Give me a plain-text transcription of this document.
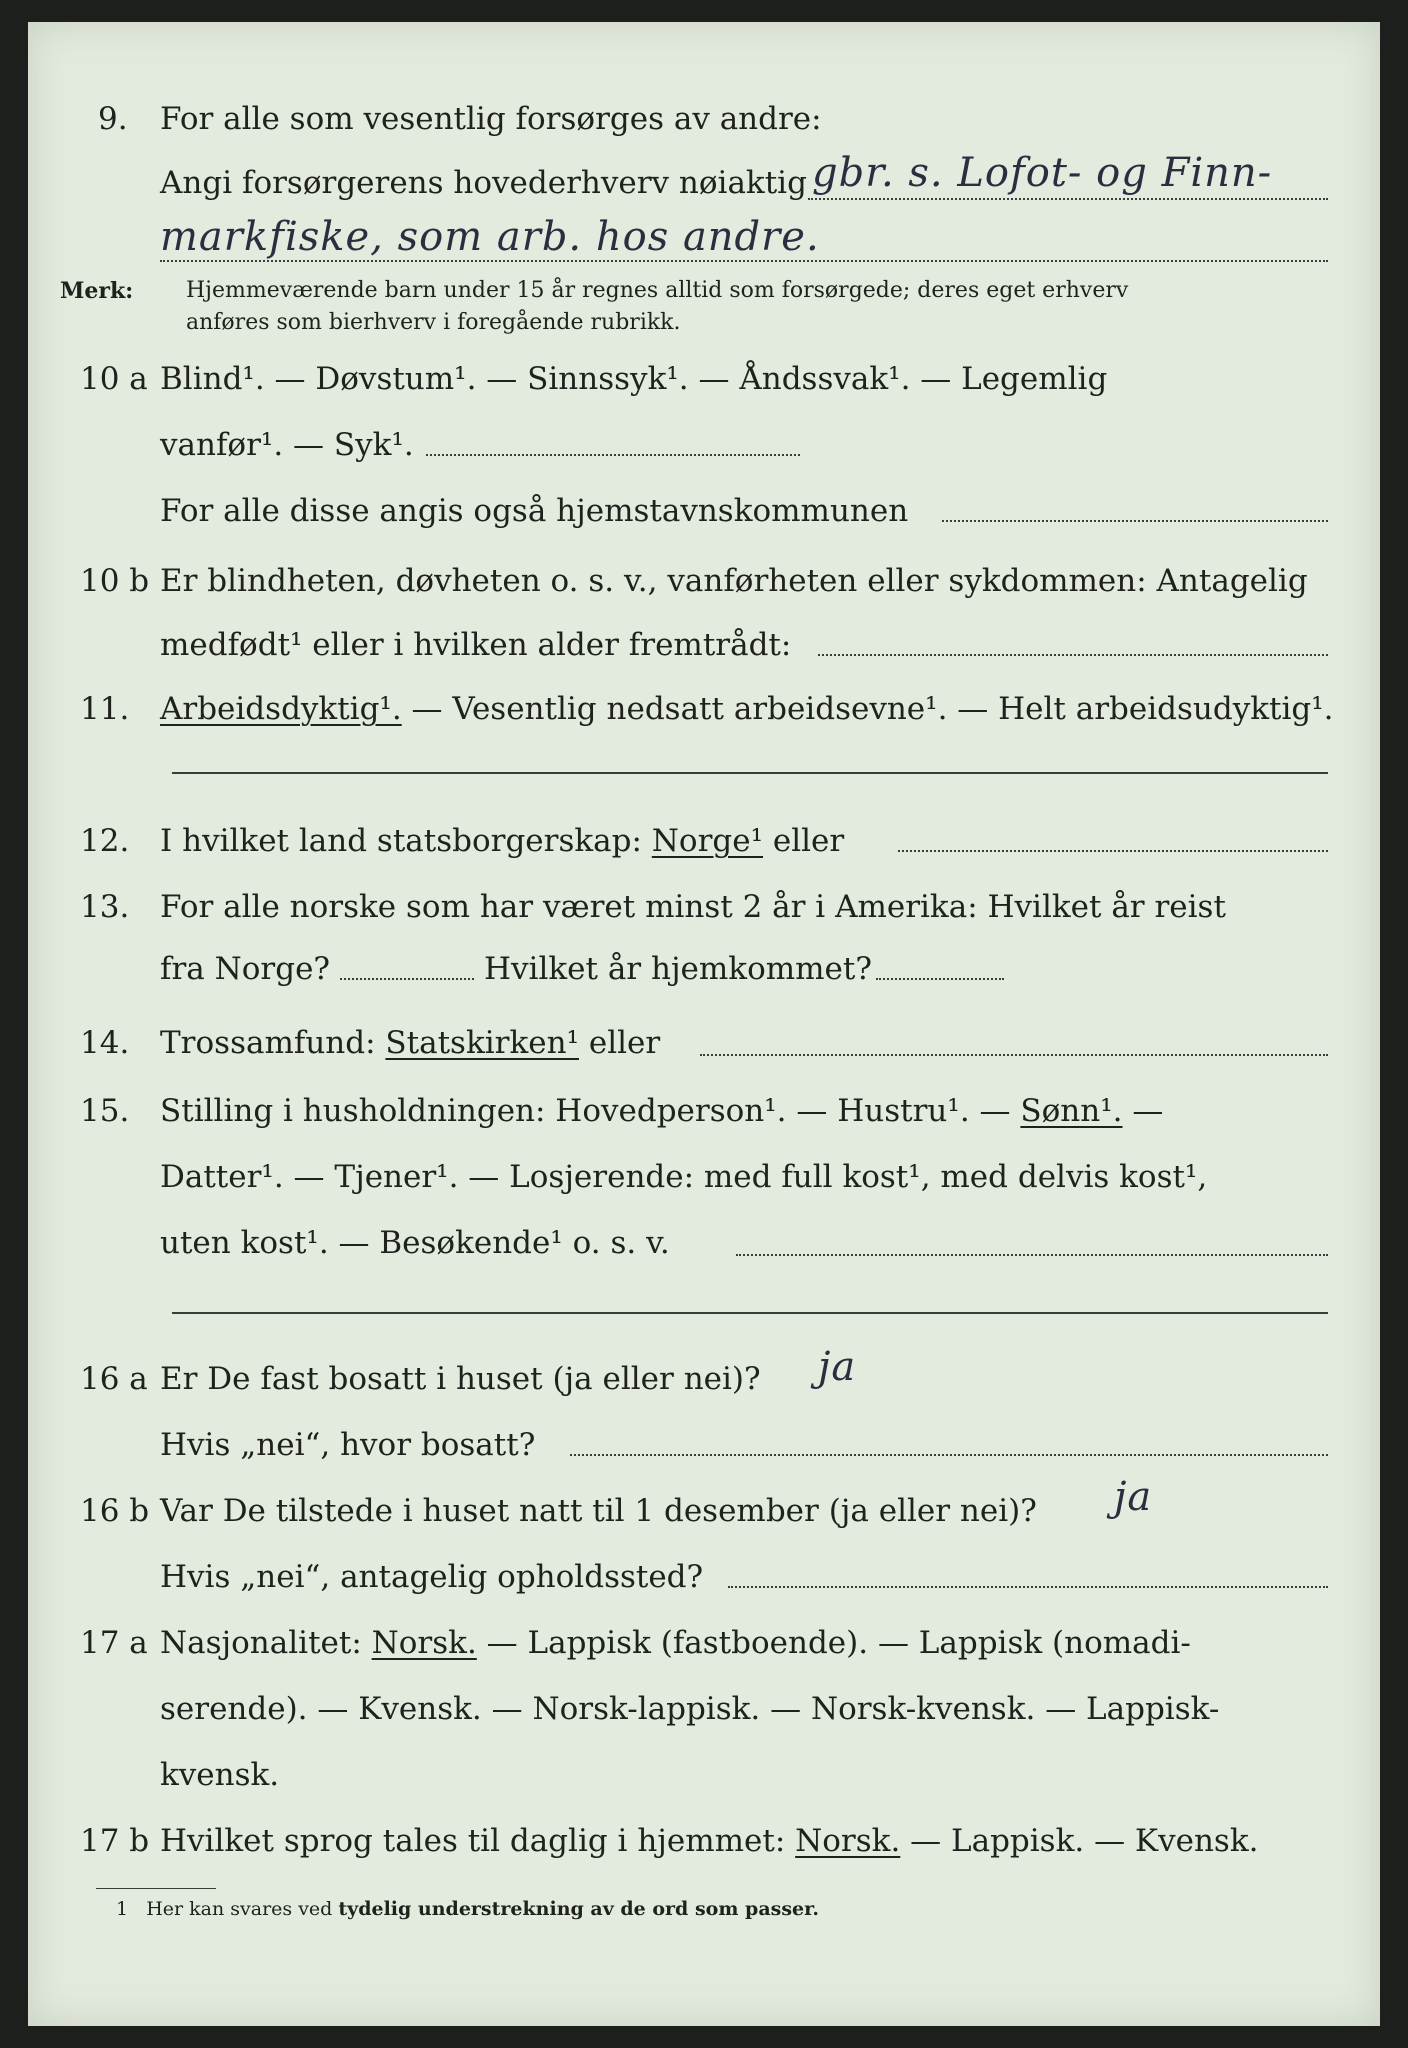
9. For alle som vesentlig forsørges av andre:
Angi forsørgerens hovederhverv nøiaktig gbr. s. Lofot- og Finn-
markfiske, som arb. hos andre.
Merk: Hjemmeværende barn under 15 år regnes alltid som forsørgede; deres eget erhverv
anføres som bierhverv i foregående rubrikk.
10 a Blind¹. — Døvstum¹. — Sinnssyk¹. — Åndssvak¹. — Legemlig
vanfør¹. — Syk¹.
For alle disse angis også hjemstavnskommunen
10 b Er blindheten, døvheten o. s. v., vanførheten eller sykdommen: Antagelig
medfødt¹ eller i hvilken alder fremtrådt:
11. Arbeidsdyktig¹. — Vesentlig nedsatt arbeidsevne¹. — Helt arbeidsudyktig¹.
12. I hvilket land statsborgerskap: Norge¹ eller
13. For alle norske som har været minst 2 år i Amerika: Hvilket år reist
fra Norge?	Hvilket år hjemkommet?
14. Trossamfund: Statskirken¹ eller
15. Stilling i husholdningen: Hovedperson¹. — Hustru¹. — Sønn¹. —
Datter¹. — Tjener¹. — Losjerende: med full kost¹, med delvis kost¹,
uten kost¹. — Besøkende¹ o. s. v.
16 a Er De fast bosatt i huset (ja eller nei)? ja
Hvis „nei“, hvor bosatt?
16 b Var De tilstede i huset natt til 1 desember (ja eller nei)? ja
Hvis „nei“, antagelig opholdssted?
17 a Nasjonalitet: Norsk. — Lappisk (fastboende). — Lappisk (nomadi-
serende). — Kvensk. — Norsk-lappisk. — Norsk-kvensk. — Lappisk-
kvensk.
17 b Hvilket sprog tales til daglig i hjemmet: Norsk. — Lappisk. — Kvensk.
1 Her kan svares ved tydelig understrekning av de ord som passer.
